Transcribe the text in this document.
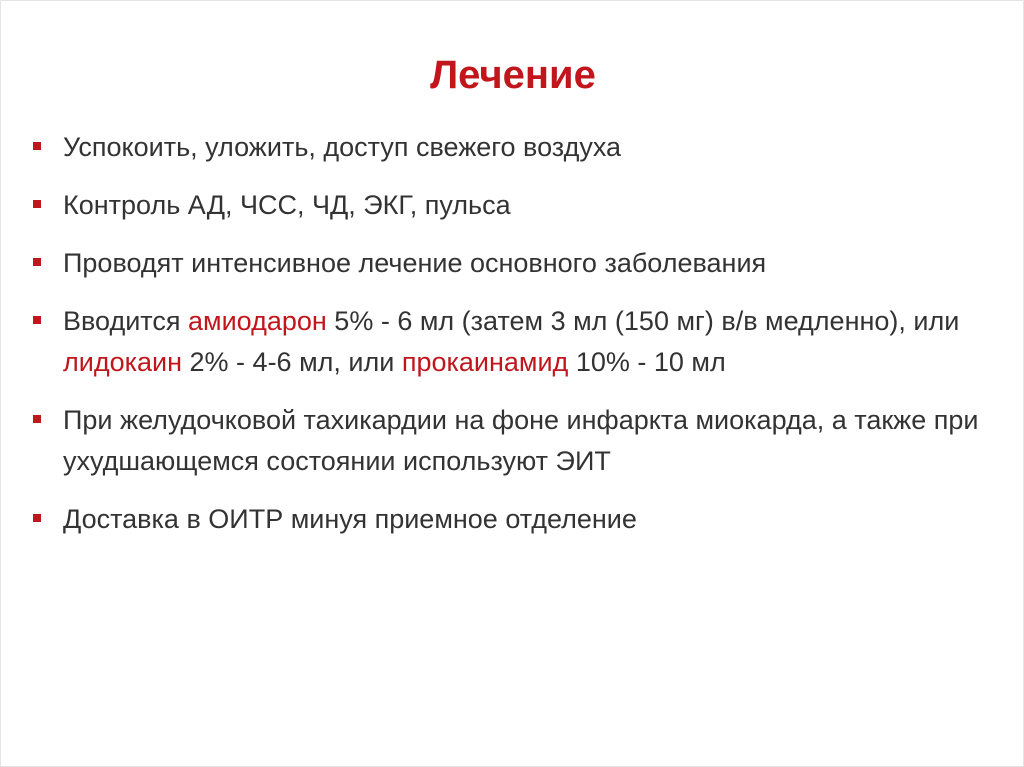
Лечение
Успокоить, уложить, доступ свежего воздуха
Контроль АД, ЧСС, ЧД, ЭКГ, пульса
Проводят интенсивное лечение основного заболевания
Вводится амиодарон 5% - 6 мл (затем 3 мл (150 мг) в/в медленно), или лидокаин 2% - 4-6 мл, или прокаинамид 10% - 10 мл
При желудочковой тахикардии на фоне инфаркта миокарда, а также при ухудшающемся состоянии используют ЭИТ
Доставка в ОИТР минуя приемное отделение
